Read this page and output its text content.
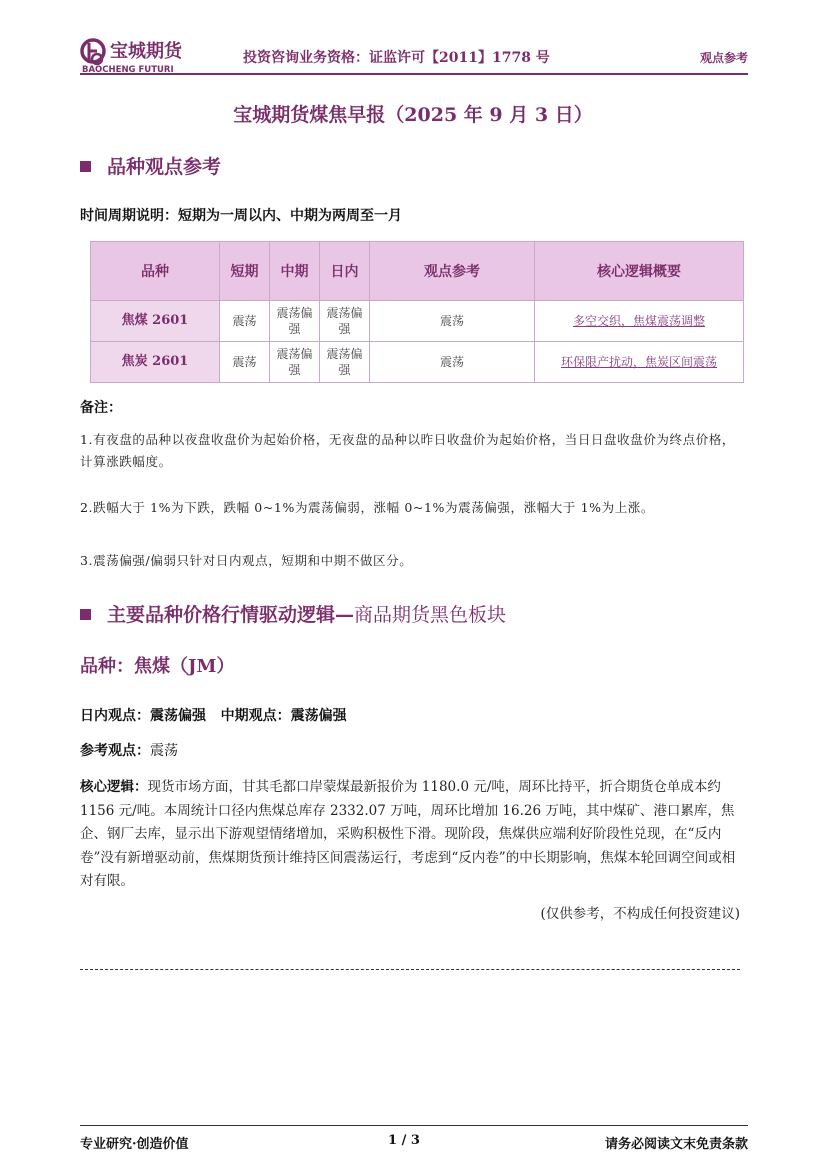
宝城期货
BAOCHENG FUTURI
投资咨询业务资格：证监许可【2011】1778 号	观点参考
宝城期货煤焦早报（2025 年 9 月 3 日）
品种观点参考
时间周期说明：短期为一周以内、中期为两周至一月
品种	短期	中期	日内	观点参考	核心逻辑概要
焦煤 2601	震荡	震荡偏强	震荡偏强	震荡	多空交织，焦煤震荡调整
焦炭 2601	震荡	震荡偏强	震荡偏强	震荡	环保限产扰动，焦炭区间震荡
备注：
1.有夜盘的品种以夜盘收盘价为起始价格，无夜盘的品种以昨日收盘价为起始价格，当日日盘收盘价为终点价格，计算涨跌幅度。
2.跌幅大于 1%为下跌，跌幅 0~1%为震荡偏弱，涨幅 0~1%为震荡偏强，涨幅大于 1%为上涨。
3.震荡偏强/偏弱只针对日内观点，短期和中期不做区分。
主要品种价格行情驱动逻辑—商品期货黑色板块
品种：焦煤（JM）
日内观点：震荡偏强   中期观点：震荡偏强
参考观点：震荡
核心逻辑：现货市场方面，甘其毛都口岸蒙煤最新报价为 1180.0 元/吨，周环比持平，折合期货仓单成本约 1156 元/吨。本周统计口径内焦煤总库存 2332.07 万吨，周环比增加 16.26 万吨，其中煤矿、港口累库，焦企、钢厂去库，显示出下游观望情绪增加，采购积极性下滑。现阶段，焦煤供应端利好阶段性兑现，在“反内卷”没有新增驱动前，焦煤期货预计维持区间震荡运行，考虑到“反内卷”的中长期影响，焦煤本轮回调空间或相对有限。
(仅供参考，不构成任何投资建议)
专业研究·创造价值	1 / 3	请务必阅读文末免责条款
